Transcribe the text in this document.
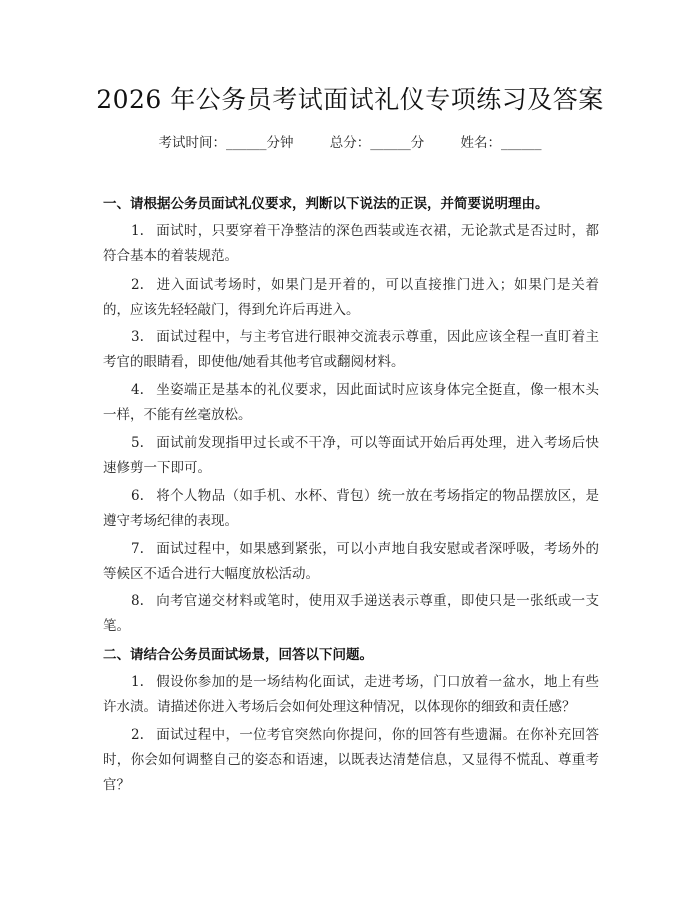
2026 年公务员考试面试礼仪专项练习及答案
考试时间：______分钟	总分：______分	姓名：______
一、请根据公务员面试礼仪要求，判断以下说法的正误，并简要说明理由。
1. 面试时，只要穿着干净整洁的深色西装或连衣裙，无论款式是否过时，都符合基本的着装规范。
2. 进入面试考场时，如果门是开着的，可以直接推门进入；如果门是关着的，应该先轻轻敲门，得到允许后再进入。
3. 面试过程中，与主考官进行眼神交流表示尊重，因此应该全程一直盯着主考官的眼睛看，即使他/她看其他考官或翻阅材料。
4. 坐姿端正是基本的礼仪要求，因此面试时应该身体完全挺直，像一根木头一样，不能有丝毫放松。
5. 面试前发现指甲过长或不干净，可以等面试开始后再处理，进入考场后快速修剪一下即可。
6. 将个人物品（如手机、水杯、背包）统一放在考场指定的物品摆放区，是遵守考场纪律的表现。
7. 面试过程中，如果感到紧张，可以小声地自我安慰或者深呼吸，考场外的等候区不适合进行大幅度放松活动。
8. 向考官递交材料或笔时，使用双手递送表示尊重，即使只是一张纸或一支笔。
二、请结合公务员面试场景，回答以下问题。
1. 假设你参加的是一场结构化面试，走进考场，门口放着一盆水，地上有些许水渍。请描述你进入考场后会如何处理这种情况，以体现你的细致和责任感？
2. 面试过程中，一位考官突然向你提问，你的回答有些遗漏。在你补充回答时，你会如何调整自己的姿态和语速，以既表达清楚信息，又显得不慌乱、尊重考官？
